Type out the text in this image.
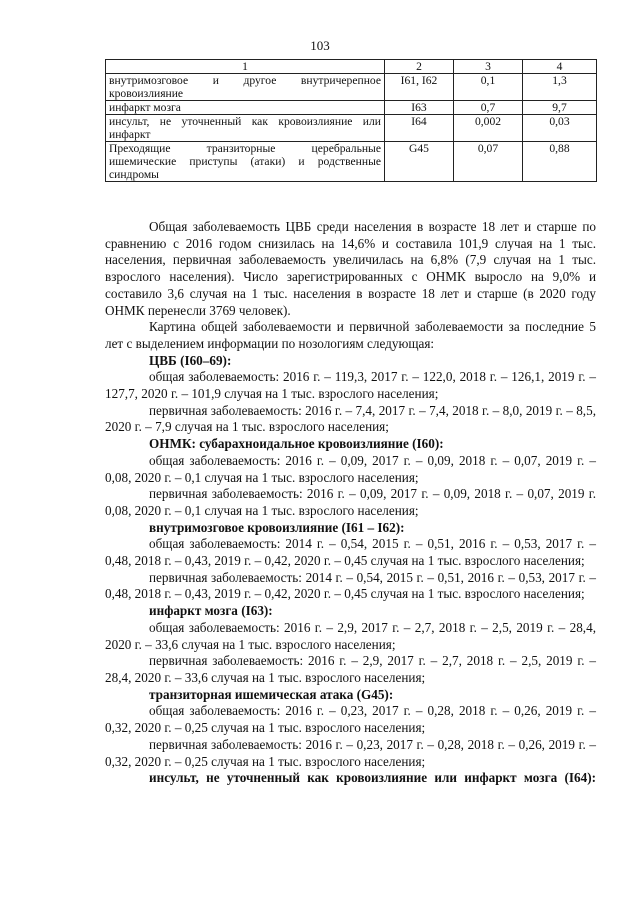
103
1	2	3	4
внутримозговое и другое внутричерепное кровоизлияние	I61, I62	0,1	1,3
инфаркт мозга	I63	0,7	9,7
инсульт, не уточненный как кровоизлияние или инфаркт	I64	0,002	0,03
Преходящие транзиторные церебральные ишемические приступы (атаки) и родственные синдромы	G45	0,07	0,88

Общая заболеваемость ЦВБ среди населения в возрасте 18 лет и старше по сравнению с 2016 годом снизилась на 14,6% и составила 101,9 случая на 1 тыс. населения, первичная заболеваемость увеличилась на 6,8% (7,9 случая на 1 тыс. взрослого населения). Число зарегистрированных с ОНМК выросло на 9,0% и составило 3,6 случая на 1 тыс. населения в возрасте 18 лет и старше (в 2020 году ОНМК перенесли 3769 человек).

Картина общей заболеваемости и первичной заболеваемости за последние 5 лет с выделением информации по нозологиям следующая:

ЦВБ (I60–69):

общая заболеваемость: 2016 г. – 119,3, 2017 г. – 122,0, 2018 г. – 126,1, 2019 г. – 127,7, 2020 г. – 101,9 случая на 1 тыс. взрослого населения;

первичная заболеваемость: 2016 г. – 7,4, 2017 г. – 7,4, 2018 г. – 8,0, 2019 г. – 8,5, 2020 г. – 7,9 случая на 1 тыс. взрослого населения;

ОНМК: субарахноидальное кровоизлияние (I60):

общая заболеваемость: 2016 г. – 0,09, 2017 г. – 0,09, 2018 г. – 0,07, 2019 г. – 0,08, 2020 г. – 0,1 случая на 1 тыс. взрослого населения;

первичная заболеваемость: 2016 г. – 0,09, 2017 г. – 0,09, 2018 г. – 0,07, 2019 г. 0,08, 2020 г. – 0,1 случая на 1 тыс. взрослого населения;

внутримозговое кровоизлияние (I61 – I62):

общая заболеваемость: 2014 г. – 0,54, 2015 г. – 0,51, 2016 г. – 0,53, 2017 г. – 0,48, 2018 г. – 0,43, 2019 г. – 0,42, 2020 г. – 0,45 случая на 1 тыс. взрослого населения;

первичная заболеваемость: 2014 г. – 0,54, 2015 г. – 0,51, 2016 г. – 0,53, 2017 г. – 0,48, 2018 г. – 0,43, 2019 г. – 0,42, 2020 г. – 0,45 случая на 1 тыс. взрослого населения;

инфаркт мозга (I63):

общая заболеваемость: 2016 г. – 2,9, 2017 г. – 2,7, 2018 г. – 2,5, 2019 г. – 28,4, 2020 г. – 33,6 случая на 1 тыс. взрослого населения;

первичная заболеваемость: 2016 г. – 2,9, 2017 г. – 2,7, 2018 г. – 2,5, 2019 г. – 28,4, 2020 г. – 33,6 случая на 1 тыс. взрослого населения;

транзиторная ишемическая атака (G45):

общая заболеваемость: 2016 г. – 0,23, 2017 г. – 0,28, 2018 г. – 0,26, 2019 г. – 0,32, 2020 г. – 0,25 случая на 1 тыс. взрослого населения;

первичная заболеваемость: 2016 г. – 0,23, 2017 г. – 0,28, 2018 г. – 0,26, 2019 г. – 0,32, 2020 г. – 0,25 случая на 1 тыс. взрослого населения;

инсульт, не уточненный как кровоизлияние или инфаркт мозга (I64):
